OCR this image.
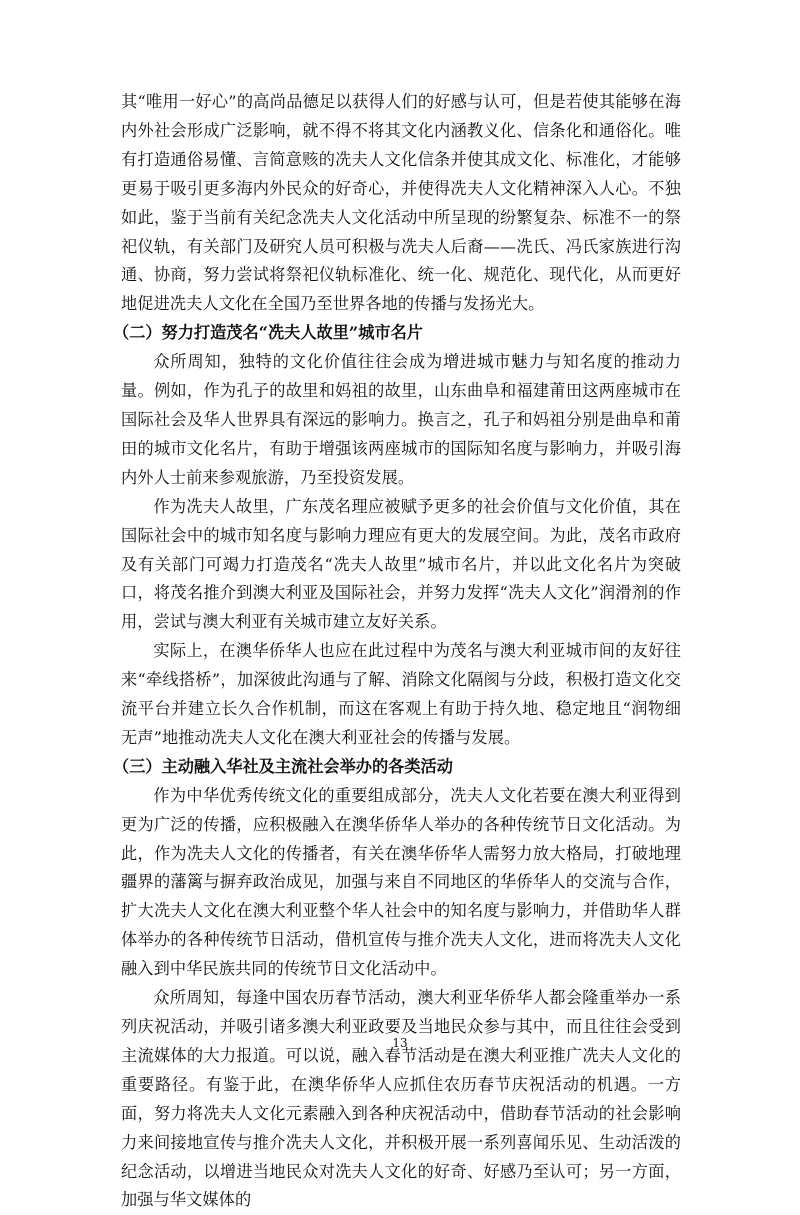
其“唯用一好心”的高尚品德足以获得人们的好感与认可，但是若使其能够在海内外社会形成广泛影响，就不得不将其文化内涵教义化、信条化和通俗化。唯有打造通俗易懂、言简意赅的冼夫人文化信条并使其成文化、标准化，才能够更易于吸引更多海内外民众的好奇心，并使得冼夫人文化精神深入人心。不独如此，鉴于当前有关纪念冼夫人文化活动中所呈现的纷繁复杂、标准不一的祭祀仪轨，有关部门及研究人员可积极与冼夫人后裔——冼氏、冯氏家族进行沟通、协商，努力尝试将祭祀仪轨标准化、统一化、规范化、现代化，从而更好地促进冼夫人文化在全国乃至世界各地的传播与发扬光大。

（二）努力打造茂名“冼夫人故里”城市名片

众所周知，独特的文化价值往往会成为增进城市魅力与知名度的推动力量。例如，作为孔子的故里和妈祖的故里，山东曲阜和福建莆田这两座城市在国际社会及华人世界具有深远的影响力。换言之，孔子和妈祖分别是曲阜和莆田的城市文化名片，有助于增强该两座城市的国际知名度与影响力，并吸引海内外人士前来参观旅游，乃至投资发展。

作为冼夫人故里，广东茂名理应被赋予更多的社会价值与文化价值，其在国际社会中的城市知名度与影响力理应有更大的发展空间。为此，茂名市政府及有关部门可竭力打造茂名“冼夫人故里”城市名片，并以此文化名片为突破口，将茂名推介到澳大利亚及国际社会，并努力发挥“冼夫人文化”润滑剂的作用，尝试与澳大利亚有关城市建立友好关系。

实际上，在澳华侨华人也应在此过程中为茂名与澳大利亚城市间的友好往来“牵线搭桥”，加深彼此沟通与了解、消除文化隔阂与分歧，积极打造文化交流平台并建立长久合作机制，而这在客观上有助于持久地、稳定地且“润物细无声”地推动冼夫人文化在澳大利亚社会的传播与发展。

（三）主动融入华社及主流社会举办的各类活动

作为中华优秀传统文化的重要组成部分，冼夫人文化若要在澳大利亚得到更为广泛的传播，应积极融入在澳华侨华人举办的各种传统节日文化活动。为此，作为冼夫人文化的传播者，有关在澳华侨华人需努力放大格局，打破地理疆界的藩篱与摒弃政治成见，加强与来自不同地区的华侨华人的交流与合作，扩大冼夫人文化在澳大利亚整个华人社会中的知名度与影响力，并借助华人群体举办的各种传统节日活动，借机宣传与推介冼夫人文化，进而将冼夫人文化融入到中华民族共同的传统节日文化活动中。

众所周知，每逢中国农历春节活动，澳大利亚华侨华人都会隆重举办一系列庆祝活动，并吸引诸多澳大利亚政要及当地民众参与其中，而且往往会受到主流媒体的大力报道。可以说，融入春节活动是在澳大利亚推广冼夫人文化的重要路径。有鉴于此，在澳华侨华人应抓住农历春节庆祝活动的机遇。一方面，努力将冼夫人文化元素融入到各种庆祝活动中，借助春节活动的社会影响力来间接地宣传与推介冼夫人文化，并积极开展一系列喜闻乐见、生动活泼的纪念活动，以增进当地民众对冼夫人文化的好奇、好感乃至认可；另一方面，加强与华文媒体的

13
